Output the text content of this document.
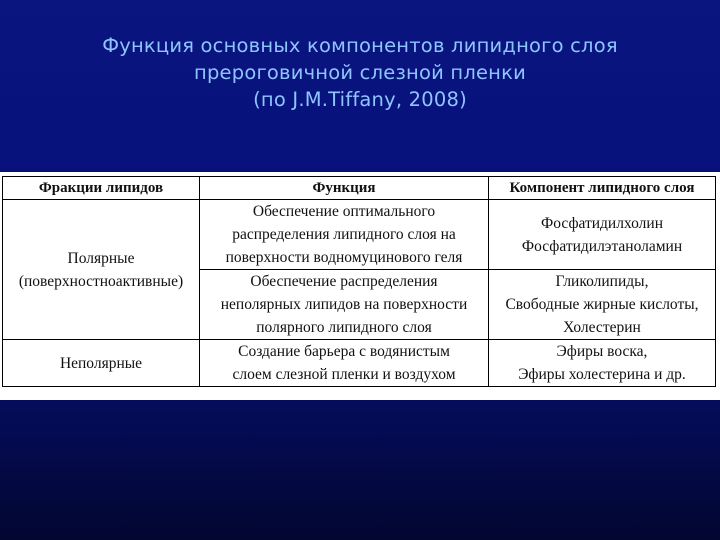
Функция основных компонентов липидного слоя
прероговичной слезной пленки
(по J.M.Tiffany, 2008)
Фракции липидов	Функция	Компонент липидного слоя

Полярные
(поверхностноактивные)	Обеспечение оптимального
распределения липидного слоя на
поверхности водномуцинового геля	Фосфатидилхолин
Фосфатидилэтаноламин

	Обеспечение распределения
неполярных липидов на поверхности
полярного липидного слоя	Гликолипиды,
Свободные жирные кислоты,
Холестерин

Неполярные	Создание барьера с водянистым
слоем слезной пленки и воздухом	Эфиры воска,
Эфиры холестерина и др.
